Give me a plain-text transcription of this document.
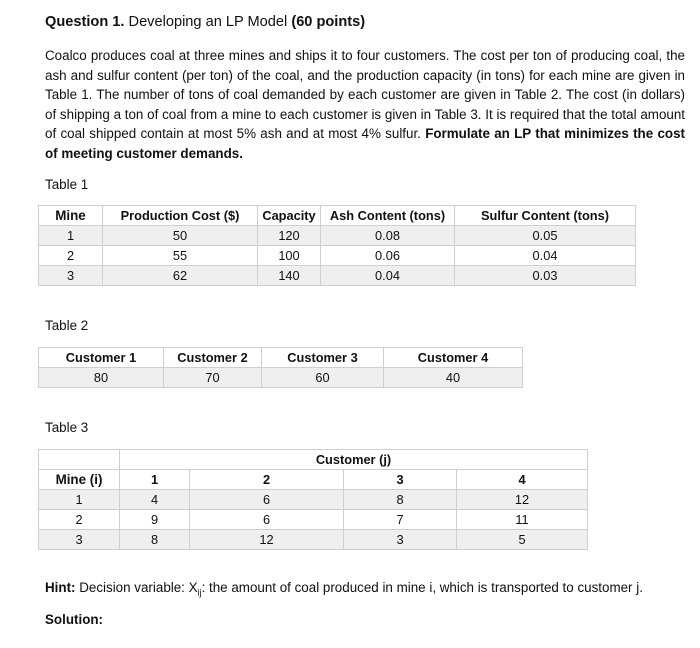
Question 1. Developing an LP Model (60 points)

Coalco produces coal at three mines and ships it to four customers. The cost per ton of producing coal, the ash and sulfur content (per ton) of the coal, and the production capacity (in tons) for each mine are given in Table 1. The number of tons of coal demanded by each customer are given in Table 2. The cost (in dollars) of shipping a ton of coal from a mine to each customer is given in Table 3. It is required that the total amount of coal shipped contain at most 5% ash and at most 4% sulfur. Formulate an LP that minimizes the cost of meeting customer demands.

Table 1
Mine	Production Cost ($)	Capacity	Ash Content (tons)	Sulfur Content (tons)
1	50	120	0.08	0.05
2	55	100	0.06	0.04
3	62	140	0.04	0.03
Table 2
Customer 1	Customer 2	Customer 3	Customer 4
80	70	60	40
Table 3
	Customer (j)			
Mine (i)	1	2	3	4
1	4	6	8	12
2	9	6	7	11
3	8	12	3	5
Hint: Decision variable: $X_{ij}$: the amount of coal produced in mine i, which is transported to customer j.
Solution:
